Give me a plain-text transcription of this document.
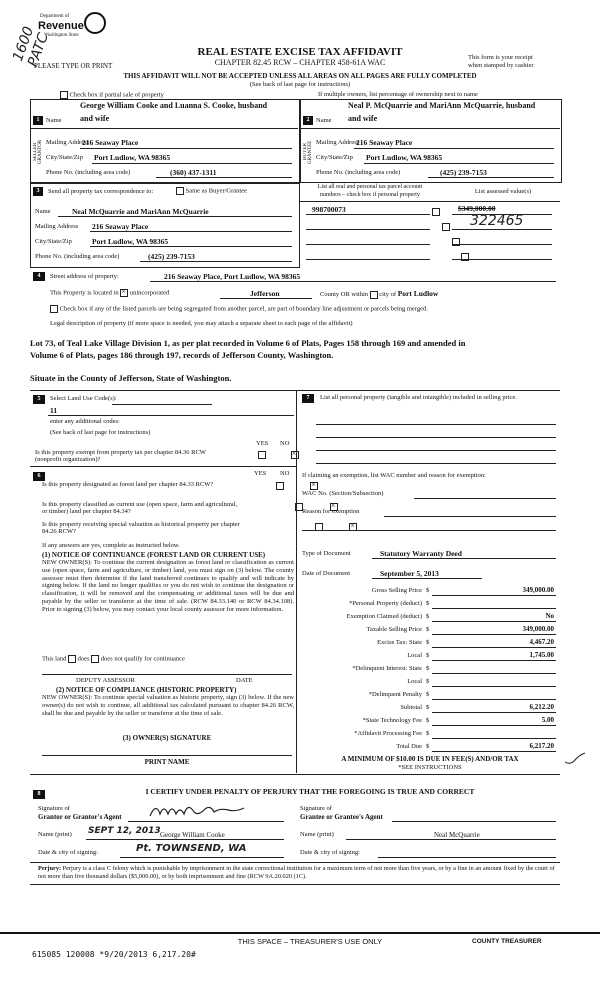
Department of
Revenue
Washington State
1600 PATC	REAL ESTATE EXCISE TAX AFFIDAVIT
CHAPTER 82.45 RCW – CHAPTER 458-61A WAC
PLEASE TYPE OR PRINT
This form is your receipt
when stamped by cashier
THIS AFFIDAVIT WILL NOT BE ACCEPTED UNLESS ALL AREAS ON ALL PAGES ARE FULLY COMPLETED
(See back of last page for instructions)
Check box if partial sale of property	If multiple owners, list percentage of ownership next to name
1	Name
George William Cooke and Luanna S. Cooke, husband
and wife
SELLER GRANTOR Mailing Address
216 Seaway Place
City/State/Zip Port Ludlow, WA 98365
Phone No. (including area code)	(360) 437-1311
2	Name
Neal P. McQuarrie and MariAnn McQuarrie, husband
and wife
BUYER GRANTEE Mailing Address
216 Seaway Place
City/State/Zip Port Ludlow, WA 98365
Phone No. (including area code)	(425) 239-7153
3	Send all property tax correspondence to:	Same as Buyer/Grantee
Name	Neal McQuarrie and MariAnn McQuarrie
Mailing Address 216 Seaway Place
City/State/Zip	Port Ludlow, WA 98365
Phone No. (including area code)	(425) 239-7153
List all real and personal tax parcel account
numbers – check box if personal property	List assessed value(s)
998700073	$349,000.00
322465

4	Street address of property:	216 Seaway Place, Port Ludlow, WA 98365
This Property is located in × unincorporated	Jefferson	County OR within city of Port Ludlow
Check box if any of the listed parcels are being segregated from another parcel, are part of boundary line adjustment or parcels being merged.
Legal description of property (if more space is needed, you may attach a separate sheet to each page of the affidavit)
Lot 73, of Teal Lake Village Division 1, as per plat recorded in Volume 6 of Plats, Pages 158 through 169 and amended in
Volume 6 of Plats, pages 186 through 197, records of Jefferson County, Washington.
Situate in the County of Jefferson, State of Washington.
5	Select Land Use Code(s):
11
enter any additional codes:
(See back of last page for instructions)
YES NO
Is this property exempt from property tax per chapter 84.36 RCW (nonprofit organization)?
×
6	YES NO
Is this property designated as forest land per chapter 84.33 RCW?
×
Is this property classified as current use (open space, farm and agricultural, or timber) land per chapter 84.34?
×
Is this property receiving special valuation as historical property per chapter 84.26 RCW?
×
If any answers are yes, complete as instructed below.
(1) NOTICE OF CONTINUANCE (FOREST LAND OR CURRENT USE)
NEW OWNER(S): To continue the current designation as forest land or classification as current use (open space, farm and agriculture, or timber) land, you must sign on (3) below. The county assessor must then determine if the land transferred continues to qualify and will indicate by signing below. If the land no longer qualifies or you do not wish to continue the designation or classification, it will be removed and the compensating or additional taxes will be due and payable by the seller or transferor at the time of sale. (RCW 84.33.140 or RCW 84.34.108). Prior to signing (3) below, you may contact your local county assessor for more information.
This land does does not qualify for continuance
DEPUTY ASSESSOR	DATE
(2) NOTICE OF COMPLIANCE (HISTORIC PROPERTY)
NEW OWNER(S): To continue special valuation as historic property, sign (3) below. If the new owner(s) do not wish to continue, all additional tax calculated pursuant to chapter 84.26 RCW, shall be due and payable by the seller or transferor at the time of sale.
(3) OWNER(S) SIGNATURE
PRINT NAME
7	List all personal property (tangible and intangible) included in selling price.
If claiming an exemption, list WAC number and reason for exemption:
WAC No. (Section/Subsection)
Reason for exemption
Type of Document	Statutory Warranty Deed
Date of Document	September 5, 2013
Gross Selling Price $	349,000.00
*Personal Property (deduct) $
Exemption Claimed (deduct) $	No
Taxable Selling Price $	349,000.00
Excise Tax: State $	4,467.20
Local $	1,745.00
*Delinquent Interest: State $
Local $
*Delinquent Penalty $
Subtotal $	6,212.20
*State Technology Fee $	5.00
*Affidavit Processing Fee $
Total Due $	6,217.20
A MINIMUM OF $10.00 IS DUE IN FEE(S) AND/OR TAX
*SEE INSTRUCTIONS
8	I CERTIFY UNDER PENALTY OF PERJURY THAT THE FOREGOING IS TRUE AND CORRECT
Signature of
Grantor or Grantor's Agent
Signature of
Grantee or Grantee's Agent
Name (print) SEPT 12, 2013 George William Cooke	Name (print)	Neal McQuarrie
Date & city of signing:	Pt. TOWNSEND, WA	Date & city of signing:
Perjury: Perjury is a class C felony which is punishable by imprisonment in the state correctional institution for a maximum term of not more than five years, or by a fine in an amount fixed by the court of not more than five thousand dollars ($5,000.00), or by both imprisonment and fine (RCW 9A.20.020 (1C).
THIS SPACE – TREASURER'S USE ONLY	COUNTY TREASURER
615085 120008 *9/20/2013 6,217.20#
